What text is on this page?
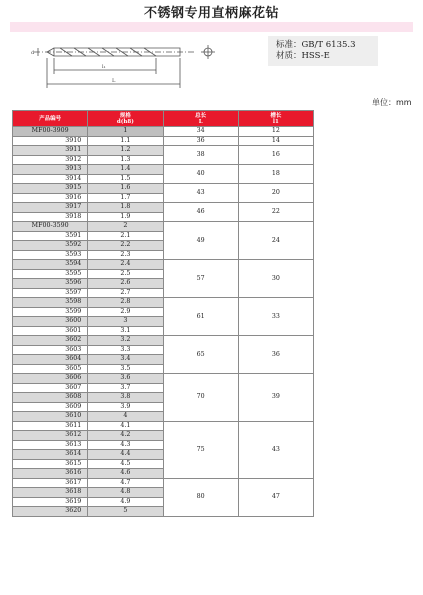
不锈钢专用直柄麻花钻
d
l₁
L
标准：GB/T 6135.3
材质：HSS-E
单位：mm
产品编号	规格
d(h8)	总长
L	槽长
l1
MF00-3909	1	34	12
3910	1.1	36	14
3911	1.2	38	16
3912	1.3		
3913	1.4	40	18
3914	1.5		
3915	1.6	43	20
3916	1.7		
3917	1.8	46	22
3918	1.9		
MF00-3590	2	49	24
3591	2.1		
3592	2.2		
3593	2.3		
3594	2.4	57	30
3595	2.5		
3596	2.6		
3597	2.7		
3598	2.8	61	33
3599	2.9		
3600	3		
3601	3.1		
3602	3.2	65	36
3603	3.3		
3604	3.4		
3605	3.5		
3606	3.6	70	39
3607	3.7		
3608	3.8		
3609	3.9		
3610	4		
3611	4.1	75	43
3612	4.2		
3613	4.3		
3614	4.4		
3615	4.5		
3616	4.6		
3617	4.7	80	47
3618	4.8		
3619	4.9		
3620	5		
